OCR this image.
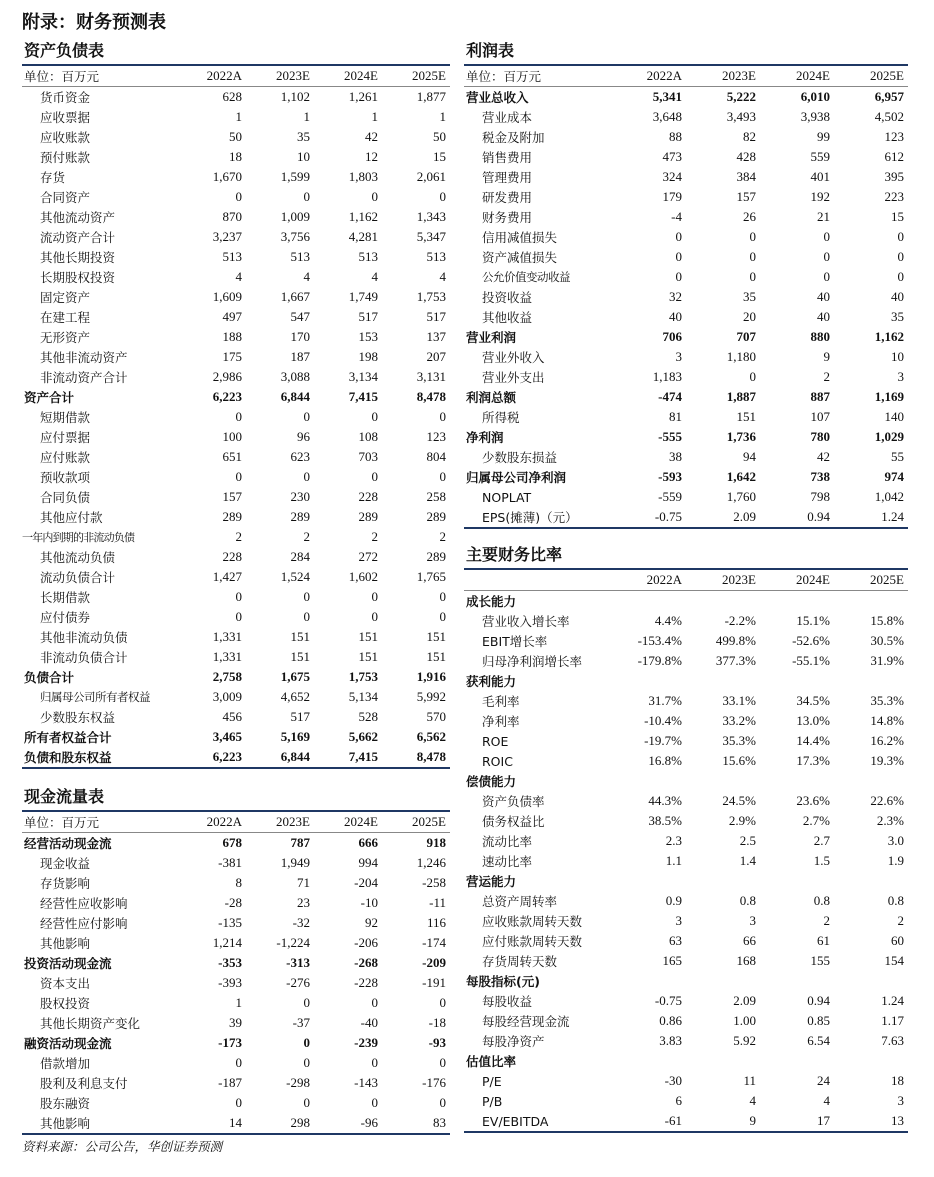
附录：财务预测表
资产负债表
单位：百万元	2022A	2023E	2024E	2025E
货币资金	628	1,102	1,261	1,877
应收票据	1	1	1	1
应收账款	50	35	42	50
预付账款	18	10	12	15
存货	1,670	1,599	1,803	2,061
合同资产	0	0	0	0
其他流动资产	870	1,009	1,162	1,343
流动资产合计	3,237	3,756	4,281	5,347
其他长期投资	513	513	513	513
长期股权投资	4	4	4	4
固定资产	1,609	1,667	1,749	1,753
在建工程	497	547	517	517
无形资产	188	170	153	137
其他非流动资产	175	187	198	207
非流动资产合计	2,986	3,088	3,134	3,131
资产合计	6,223	6,844	7,415	8,478
短期借款	0	0	0	0
应付票据	100	96	108	123
应付账款	651	623	703	804
预收款项	0	0	0	0
合同负债	157	230	228	258
其他应付款	289	289	289	289
一年内到期的非流动负债	2	2	2	2
其他流动负债	228	284	272	289
流动负债合计	1,427	1,524	1,602	1,765
长期借款	0	0	0	0
应付债券	0	0	0	0
其他非流动负债	1,331	151	151	151
非流动负债合计	1,331	151	151	151
负债合计	2,758	1,675	1,753	1,916
归属母公司所有者权益	3,009	4,652	5,134	5,992
少数股东权益	456	517	528	570
所有者权益合计	3,465	5,169	5,662	6,562
负债和股东权益	6,223	6,844	7,415	8,478
现金流量表
单位：百万元	2022A	2023E	2024E	2025E
经营活动现金流	678	787	666	918
现金收益	-381	1,949	994	1,246
存货影响	8	71	-204	-258
经营性应收影响	-28	23	-10	-11
经营性应付影响	-135	-32	92	116
其他影响	1,214	-1,224	-206	-174
投资活动现金流	-353	-313	-268	-209
资本支出	-393	-276	-228	-191
股权投资	1	0	0	0
其他长期资产变化	39	-37	-40	-18
融资活动现金流	-173	0	-239	-93
借款增加	0	0	0	0
股利及利息支付	-187	-298	-143	-176
股东融资	0	0	0	0
其他影响	14	298	-96	83
利润表
单位：百万元	2022A	2023E	2024E	2025E
营业总收入	5,341	5,222	6,010	6,957
营业成本	3,648	3,493	3,938	4,502
税金及附加	88	82	99	123
销售费用	473	428	559	612
管理费用	324	384	401	395
研发费用	179	157	192	223
财务费用	-4	26	21	15
信用减值损失	0	0	0	0
资产减值损失	0	0	0	0
公允价值变动收益	0	0	0	0
投资收益	32	35	40	40
其他收益	40	20	40	35
营业利润	706	707	880	1,162
营业外收入	3	1,180	9	10
营业外支出	1,183	0	2	3
利润总额	-474	1,887	887	1,169
所得税	81	151	107	140
净利润	-555	1,736	780	1,029
少数股东损益	38	94	42	55
归属母公司净利润	-593	1,642	738	974
NOPLAT	-559	1,760	798	1,042
EPS(摊薄)（元）	-0.75	2.09	0.94	1.24
主要财务比率
	2022A	2023E	2024E	2025E
成长能力				
营业收入增长率	4.4%	-2.2%	15.1%	15.8%
EBIT增长率	-153.4%	499.8%	-52.6%	30.5%
归母净利润增长率	-179.8%	377.3%	-55.1%	31.9%
获利能力				
毛利率	31.7%	33.1%	34.5%	35.3%
净利率	-10.4%	33.2%	13.0%	14.8%
ROE	-19.7%	35.3%	14.4%	16.2%
ROIC	16.8%	15.6%	17.3%	19.3%
偿债能力				
资产负债率	44.3%	24.5%	23.6%	22.6%
债务权益比	38.5%	2.9%	2.7%	2.3%
流动比率	2.3	2.5	2.7	3.0
速动比率	1.1	1.4	1.5	1.9
营运能力				
总资产周转率	0.9	0.8	0.8	0.8
应收账款周转天数	3	3	2	2
应付账款周转天数	63	66	61	60
存货周转天数	165	168	155	154
每股指标(元)				
每股收益	-0.75	2.09	0.94	1.24
每股经营现金流	0.86	1.00	0.85	1.17
每股净资产	3.83	5.92	6.54	7.63
估值比率				
P/E	-30	11	24	18
P/B	6	4	4	3
EV/EBITDA	-61	9	17	13
资料来源：公司公告，华创证券预测
